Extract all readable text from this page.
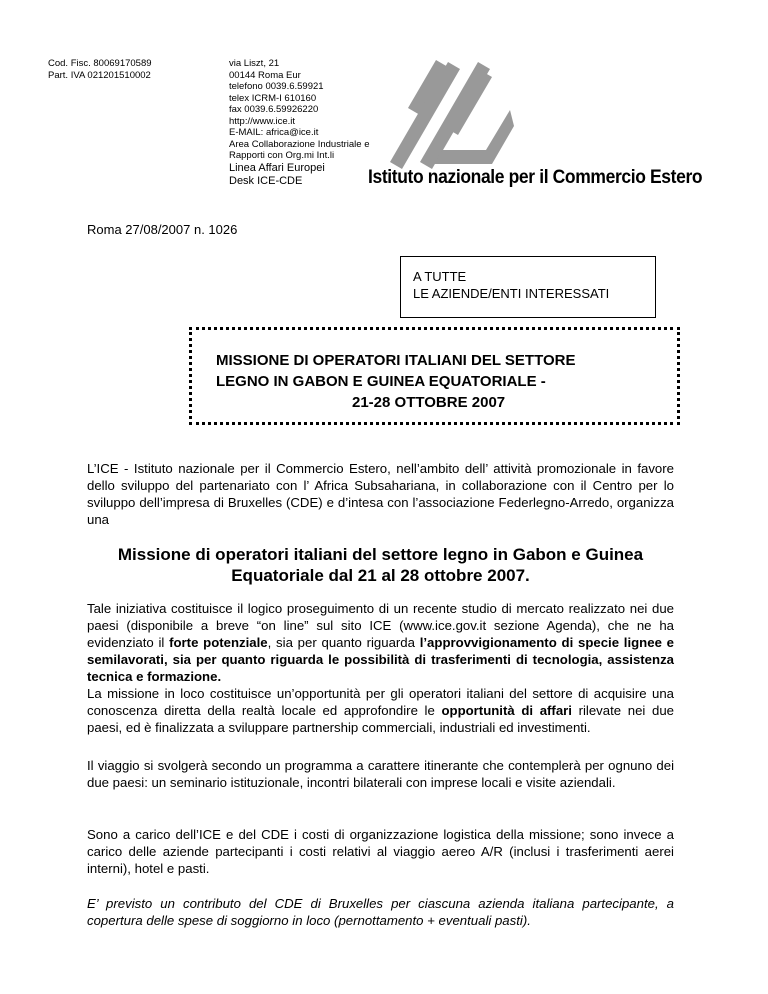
Cod. Fisc. 80069170589
Part. IVA 021201510002
via Liszt, 21
00144 Roma Eur
telefono 0039.6.59921
telex ICRM-I 610160
fax 0039.6.59926220
http://www.ice.it
E-MAIL: africa@ice.it
Area Collaborazione Industriale e
Rapporti con Org.mi Int.li
Linea Affari Europei
Desk ICE-CDE	Istituto nazionale per il Commercio Estero
Roma 27/08/2007 n. 1026
A TUTTE
LE AZIENDE/ENTI INTERESSATI
MISSIONE DI OPERATORI ITALIANI DEL SETTORE
LEGNO IN GABON E GUINEA EQUATORIALE -
21-28 OTTOBRE 2007
L’ICE - Istituto nazionale per il Commercio Estero, nell’ambito dell’ attività promozionale in favore dello sviluppo del partenariato con l’ Africa Subsahariana, in collaborazione con il Centro per lo sviluppo dell’impresa di Bruxelles (CDE) e d’intesa con l’associazione Federlegno-Arredo, organizza una
Missione di operatori italiani del settore legno in Gabon e Guinea
Equatoriale dal 21 al 28 ottobre 2007.
Tale iniziativa costituisce il logico proseguimento di un recente studio di mercato realizzato nei due paesi (disponibile a breve “on line” sul sito ICE (www.ice.gov.it sezione Agenda), che ne ha evidenziato il forte potenziale, sia per quanto riguarda l’approvvigionamento di specie lignee e semilavorati, sia per quanto riguarda le possibilità di trasferimenti di tecnologia, assistenza tecnica e formazione.
La missione in loco costituisce un’opportunità per gli operatori italiani del settore di acquisire una conoscenza diretta della realtà locale ed approfondire le opportunità di affari rilevate nei due paesi, ed è finalizzata a sviluppare partnership commerciali, industriali ed investimenti.
Il viaggio si svolgerà secondo un programma a carattere itinerante che contemplerà per ognuno dei due paesi: un seminario istituzionale, incontri bilaterali con imprese locali e visite aziendali.
Sono a carico dell’ICE e del CDE i costi di organizzazione logistica della missione; sono invece a carico delle aziende partecipanti i costi relativi al viaggio aereo A/R (inclusi i trasferimenti aerei interni), hotel e pasti.
E’ previsto un contributo del CDE di Bruxelles per ciascuna azienda italiana partecipante, a copertura delle spese di soggiorno in loco (pernottamento + eventuali pasti).
